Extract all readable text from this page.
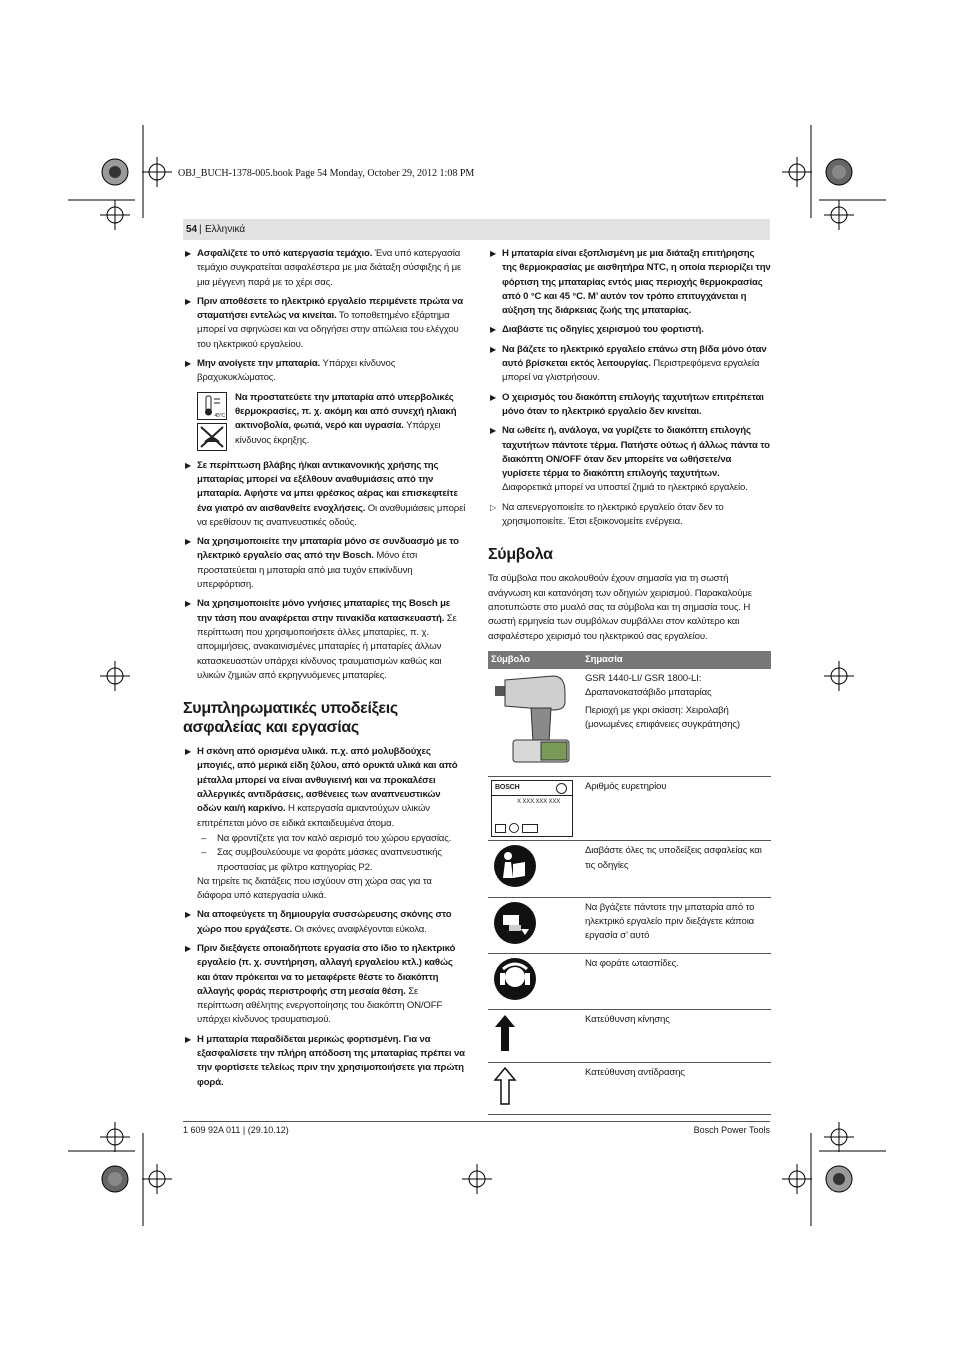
OBJ_BUCH-1378-005.book Page 54 Monday, October 29, 2012 1:08 PM
54 | Ελληνικά
▶ Ασφαλίζετε το υπό κατεργασία τεμάχιο. Ένα υπό κατεργασία τεμάχιο συγκρατείται ασφαλέστερα με μια διάταξη σύσφιξης ή με μια μέγγενη παρά με το χέρι σας.
▶ Πριν αποθέσετε το ηλεκτρικό εργαλείο περιμένετε πρώτα να σταματήσει εντελώς να κινείται. Το τοποθετημένο εξάρτημα μπορεί να σφηνώσει και να οδηγήσει στην απώλεια του ελέγχου του ηλεκτρικού εργαλείου.
▶ Μην ανοίγετε την μπαταρία. Υπάρχει κίνδυνος βραχυκυκλώματος.
45°C
Να προστατεύετε την μπαταρία από υπερβολικές θερμοκρασίες, π. χ. ακόμη και από συνεχή ηλιακή ακτινοβολία, φωτιά, νερό και υγρασία. Υπάρχει κίνδυνος έκρηξης.
▶ Σε περίπτωση βλάβης ή/και αντικανονικής χρήσης της μπαταρίας μπορεί να εξέλθουν αναθυμιάσεις από την μπαταρία. Αφήστε να μπει φρέσκος αέρας και επισκεφτείτε ένα γιατρό αν αισθανθείτε ενοχλήσεις. Οι αναθυμιάσεις μπορεί να ερεθίσουν τις αναπνευστικές οδούς.
▶ Να χρησιμοποιείτε την μπαταρία μόνο σε συνδυασμό με το ηλεκτρικό εργαλείο σας από την Bosch. Μόνο έτσι προστατεύεται η μπαταρία από μια τυχόν επικίνδυνη υπερφόρτιση.
▶ Να χρησιμοποιείτε μόνο γνήσιες μπαταρίες της Bosch με την τάση που αναφέρεται στην πινακίδα κατασκευαστή. Σε περίπτωση που χρησιμοποιήσετε άλλες μπαταρίες, π. χ. απομιμήσεις, ανακαινισμένες μπαταρίες ή μπαταρίες άλλων κατασκευαστών υπάρχει κίνδυνος τραυματισμών καθώς και υλικών ζημιών από εκρηγνυόμενες μπαταρίες.
Συμπληρωματικές υποδείξεις ασφαλείας και εργασίας
▶ Η σκόνη από ορισμένα υλικά. π.χ. από μολυβδούχες μπογιές, από μερικά είδη ξύλου, από ορυκτά υλικά και από μέταλλα μπορεί να είναι ανθυγιεινή και να προκαλέσει αλλεργικές αντιδράσεις, ασθένειες των αναπνευστικών οδών και/ή καρκίνο. Η κατεργασία αμιαντούχων υλικών επιτρέπεται μόνο σε ειδικά εκπαιδευμένα άτομα.
– Να φροντίζετε για τον καλό αερισμό του χώρου εργασίας.
– Σας συμβουλεύουμε να φοράτε μάσκες αναπνευστικής προστασίας με φίλτρο κατηγορίας P2.
Να τηρείτε τις διατάξεις που ισχύουν στη χώρα σας για τα διάφορα υπό κατεργασία υλικά.
▶ Να αποφεύγετε τη δημιουργία συσσώρευσης σκόνης στο χώρο που εργάζεστε. Οι σκόνες αναφλέγονται εύκολα.
▶ Πριν διεξάγετε οποιαδήποτε εργασία στο ίδιο το ηλεκτρικό εργαλείο (π. χ. συντήρηση, αλλαγή εργαλείου κτλ.) καθώς και όταν πρόκειται να το μεταφέρετε θέστε το διακόπτη αλλαγής φοράς περιστροφής στη μεσαία θέση. Σε περίπτωση αθέλητης ενεργοποίησης του διακόπτη ON/OFF υπάρχει κίνδυνος τραυματισμού.
▶ Η μπαταρία παραδίδεται μερικώς φορτισμένη. Για να εξασφαλίσετε την πλήρη απόδοση της μπαταρίας πρέπει να την φορτίσετε τελείως πριν την χρησιμοποιήσετε για πρώτη φορά.
▶ Η μπαταρία είναι εξοπλισμένη με μια διάταξη επιτήρησης της θερμοκρασίας με αισθητήρα NTC, η οποία περιορίζει την φόρτιση της μπαταρίας εντός μιας περιοχής θερμοκρασίας από 0 °C και 45 °C. Μ’ αυτόν τον τρόπο επιτυγχάνεται η αύξηση της διάρκειας ζωής της μπαταρίας.
▶ Διαβάστε τις οδηγίες χειρισμού του φορτιστή.
▶ Να βάζετε το ηλεκτρικό εργαλείο επάνω στη βίδα μόνο όταν αυτό βρίσκεται εκτός λειτουργίας. Περιστρεφόμενα εργαλεία μπορεί να γλιστρήσουν.
▶ Ο χειρισμός του διακόπτη επιλογής ταχυτήτων επιτρέπεται μόνο όταν το ηλεκτρικό εργαλείο δεν κινείται.
▶ Να ωθείτε ή, ανάλογα, να γυρίζετε το διακόπτη επιλογής ταχυτήτων πάντοτε τέρμα. Πατήστε ούτως ή άλλως πάντα το διακόπτη ON/OFF όταν δεν μπορείτε να ωθήσετε/να γυρίσετε τέρμα το διακόπτη επιλογής ταχυτήτων. Διαφορετικά μπορεί να υποστεί ζημιά το ηλεκτρικό εργαλείο.
▷ Να απενεργοποιείτε το ηλεκτρικό εργαλείο όταν δεν το χρησιμοποιείτε. Έτσι εξοικονομείτε ενέργεια.
Σύμβολα
Τα σύμβολα που ακολουθούν έχουν σημασία για τη σωστή ανάγνωση και κατανόηση των οδηγιών χειρισμού. Παρακαλούμε αποτυπώστε στο μυαλό σας τα σύμβολα και τη σημασία τους. Η σωστή ερμηνεία των συμβόλων συμβάλλει στον καλύτερο και ασφαλέστερο χειρισμό του ηλεκτρικού σας εργαλείου.
Σύμβολο	Σημασία

GSR 1440-LI/ GSR 1800-LI: Δραπανοκατσάβιδο μπαταρίας
Περιοχή με γκρι σκίαση: Χειρολαβή (μονωμένες επιφάνειες συγκράτησης)

BOSCH
X XXX XXX XXX	Αριθμός ευρετηρίου

Διαβάστε όλες τις υποδείξεις ασφαλείας και τις οδηγίες

Να βγάζετε πάντοτε την μπαταρία από το ηλεκτρικό εργαλείο πριν διεξάγετε κάποια εργασία σ’ αυτό

Να φοράτε ωτασπίδες.

Κατεύθυνση κίνησης

Κατεύθυνση αντίδρασης
1 609 92A 011 | (29.10.12)	Bosch Power Tools
